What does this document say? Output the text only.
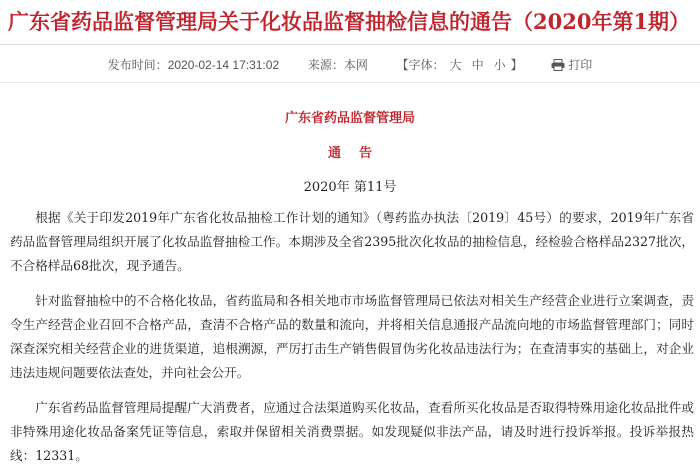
广东省药品监督管理局关于化妆品监督抽检信息的通告（2020年第1期）
发布时间：2020-02-14 17:31:02 来源：本网 【字体： 大 中 小 】	打印
广东省药品监督管理局
通告
2020年 第11号
根据《关于印发2019年广东省化妆品抽检工作计划的通知》（粤药监办执法〔2019〕45号）的要求，2019年广东省药品监督管理局组织开展了化妆品监督抽检工作。本期涉及全省2395批次化妆品的抽检信息，经检验合格样品2327批次，不合格样品68批次，现予通告。
针对监督抽检中的不合格化妆品，省药监局和各相关地市市场监督管理局已依法对相关生产经营企业进行立案调查，责令生产经营企业召回不合格产品，查清不合格产品的数量和流向，并将相关信息通报产品流向地的市场监督管理部门；同时深查深究相关经营企业的进货渠道，追根溯源，严厉打击生产销售假冒伪劣化妆品违法行为；在查清事实的基础上，对企业违法违规问题要依法查处，并向社会公开。
广东省药品监督管理局提醒广大消费者，应通过合法渠道购买化妆品，查看所买化妆品是否取得特殊用途化妆品批件或非特殊用途化妆品备案凭证等信息，索取并保留相关消费票据。如发现疑似非法产品，请及时进行投诉举报。投诉举报热线：12331。
